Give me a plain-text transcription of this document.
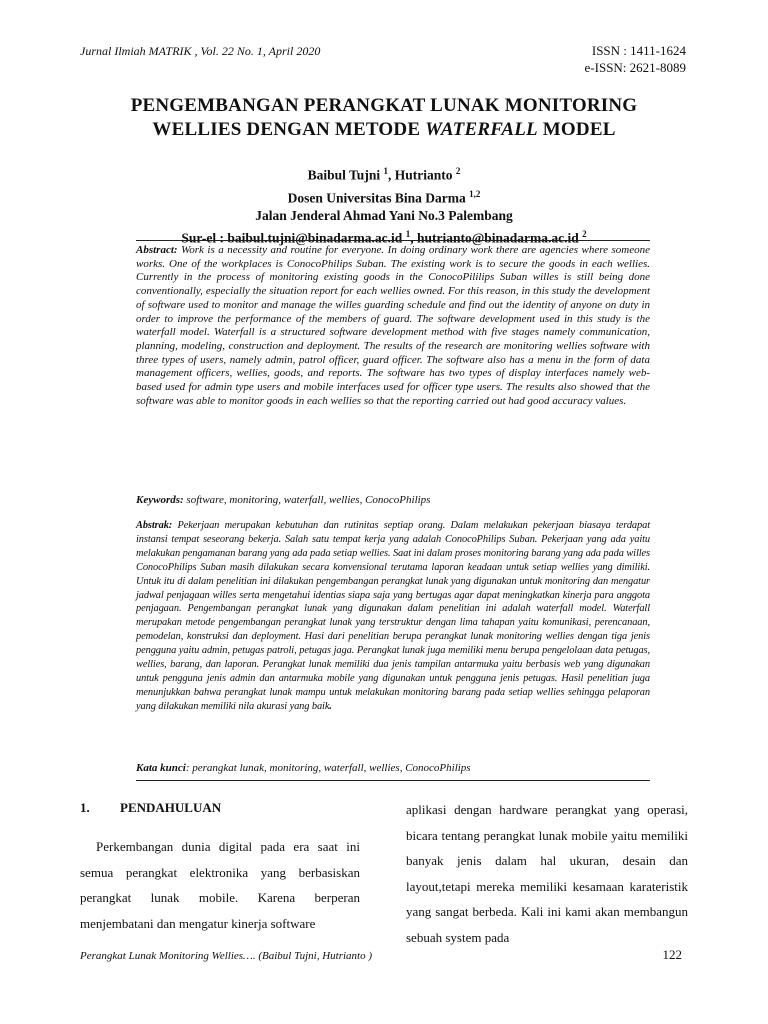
Jurnal Ilmiah MATRIK , Vol. 22 No. 1, April 2020	ISSN : 1411-1624
e-ISSN: 2621-8089
PENGEMBANGAN PERANGKAT LUNAK MONITORING
WELLIES DENGAN METODE WATERFALL MODEL
Baibul Tujni $^1$, Hutrianto $^2$
Dosen Universitas Bina Darma $^{1,2}$
Jalan Jenderal Ahmad Yani No.3 Palembang
Sur-el : baibul.tujni@binadarma.ac.id $^1$, hutrianto@binadarma.ac.id $^2$
Abstract: Work is a necessity and routine for everyone. In doing ordinary work there are agencies where someone works. One of the workplaces is ConocoPhilips Suban. The existing work is to secure the goods in each wellies. Currently in the process of monitoring existing goods in the ConocoPililips Suban willes is still being done conventionally, especially the situation report for each wellies owned. For this reason, in this study the development of software used to monitor and manage the willes guarding schedule and find out the identity of anyone on duty in order to improve the performance of the members of guard. The software development used in this study is the waterfall model. Waterfall is a structured software development method with five stages namely communication, planning, modeling, construction and deployment. The results of the research are monitoring wellies software with three types of users, namely admin, patrol officer, guard officer. The software also has a menu in the form of data management officers, wellies, goods, and reports. The software has two types of display interfaces namely web-based used for admin type users and mobile interfaces used for officer type users. The results also showed that the software was able to monitor goods in each wellies so that the reporting carried out had good accuracy values.
Keywords: software, monitoring, waterfall, wellies, ConocoPhilips
Abstrak: Pekerjaan merupakan kebutuhan dan rutinitas septiap orang. Dalam melakukan pekerjaan biasaya terdapat instansi tempat seseorang bekerja. Salah satu tempat kerja yang adalah ConocoPhilips Suban. Pekerjaan yang ada yaitu melakukan pengamanan barang yang ada pada setiap wellies. Saat ini dalam proses monitoring barang yang ada pada willes ConocoPhilips Suban masih dilakukan secara konvensional terutama laporan keadaan untuk setiap wellies yang dimiliki. Untuk itu di dalam penelitian ini dilakukan pengembangan perangkat lunak yang digunakan untuk monitoring dan mengatur jadwal penjagaan willes serta mengetahui identias siapa saja yang bertugas agar dapat meningkatkan kinerja para anggota penjagaan. Pengembangan perangkat lunak yang digunakan dalam penelitian ini adalah waterfall model. Waterfall merupakan metode pengembangan perangkat lunak yang terstruktur dengan lima tahapan yaitu komunikasi, perencanaan, pemodelan, konstruksi dan deployment. Hasi dari penelitian berupa perangkat lunak monitoring wellies dengan tiga jenis pengguna yaitu admin, petugas patroli, petugas jaga. Perangkat lunak juga memiliki menu berupa pengelolaan data petugas, wellies, barang, dan laporan. Perangkat lunak memiliki dua jenis tampilan antarmuka yaitu berbasis web yang digunakan untuk pengguna jenis admin dan antarmuka mobile yang digunakan untuk pengguna jenis petugas. Hasil penelitian juga menunjukkan bahwa perangkat lunak mampu untuk melakukan monitoring barang pada setiap wellies sehingga pelaporan yang dilakukan memiliki nila akurasi yang baik.
Kata kunci: perangkat lunak, monitoring, waterfall, wellies, ConocoPhilips
1. PENDAHULUAN
Perkembangan dunia digital pada era saat ini semua perangkat elektronika yang berbasiskan perangkat lunak mobile. Karena berperan menjembatani dan mengatur kinerja software
aplikasi dengan hardware perangkat yang operasi, bicara tentang perangkat lunak mobile yaitu memiliki banyak jenis dalam hal ukuran, desain dan layout,tetapi mereka memiliki kesamaan karateristik yang sangat berbeda. Kali ini kami akan membangun sebuah system pada
Perangkat Lunak Monitoring Wellies…. (Baibul Tujni, Hutrianto )	122
